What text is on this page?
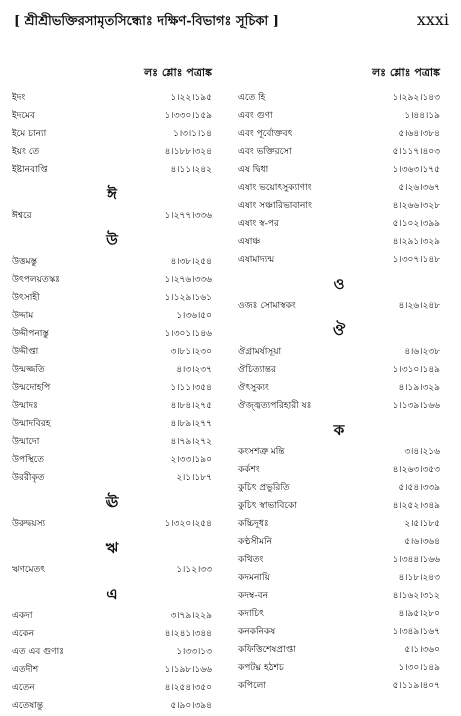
[ শ্রীশ্রীভক্তিরসামৃতসিন্ধোঃ দক্ষিণ-বিভাগঃ সূচিকা ]	xxxi
লঃ শ্লোঃ পত্রাঙ্ক
ইদং	১।২২।১৯৫
ইদমেব	১।৩৩০।১৫৯
ইমে চান্যা	১।৩।১।১৪
ইয়ং তে	৪।১৮৮।৩২৪
ইষ্টানবাপ্তি	৪।১১।২৪২
ঈ
ঈশ্বরে	১।২৭৭।৩৩৬
উ
উত্তমস্তু	৪।৩৮।২৫৪
উৎপলয়তস্কঃ	১।২৭৬।৩৩৬
উৎসাহী	১।১২৯।১৬১
উদ্দাম	১।৩৬।৫০
উদ্দীপনাস্তু	১।৩০১।১৪৬
উদ্দীপ্তা	৩।৮১।২৩০
উন্মজ্জতি	৪।৩।২৩৭
উন্মদোহপি	১।১১।৩৫৪
উন্মাদঃ	৪।৮৪।২৭৫
উন্মাদবিরহ	৪।৮৯।২৭৭
উন্মাদো	৪।৭৯।২৭২
উপস্থিতে	২।৩৩।১৯০
উররীকৃত	২।১।১৮৭
ঊ
উরুদ্বয়স্য	১।৩২০।২৫৪
ঋ
ঋণমেতৎ	১।১২।৩৩
এ
একদা	৩।৭৯।২২৯
একেন	৪।২৪১।৩৪৪
এত এব গুণাঃ	১।৩৩।১৩
এতদীশ	১।১৯৮।১৬৬
এতেন	৪।২৫৪।৩৫০
এতেষাম্তু	৫।৯০।৩৯৪
লঃ শ্লোঃ পত্রাঙ্ক
এতে হি	১।২৯২।১৪৩
এবং গুণা	১।৪৪।১৯
এবং পূর্বোক্তবৎ	৫।৬৪।৩৮৪
এবং ভক্তিরসো	৫।১১৭।৪০৩
এষ দ্বিধা	১।৩৬৩।১৭৫
এষাং ভয়োৎসুক্যাণাং	৫।২৬।৩৬৭
এষাং সঞ্চারিভাবানাং	৪।২৬৬।৩২৮
এষাং স্ব-পর	৫।১০২।৩৯৯
এষাঞ্চ	৪।২৯১।৩২৯
এষামাদ্যন্ম	১।৩০৭।১৪৮
ও
ওজঃ সোমাস্বকং	৪।২৬।২৪৮
ঔ
ঔগ্রামর্ষাসূয়া	৪।৬।২৩৮
ঔচিত্যান্তর	১।৩১০।১৪৯
ঔৎসুক্যং	৪।১৯।৩২৯
ঔজ্জ্বত্যপরিহারী ষঃ	১।১৩৯।১৬৬
ক
কংসশত্রু মন্তি	৩।৪।২১৬
কর্কশং	৪।২৬৩।৩৫৩
কুচিৎ প্রভুরিতি	৫।৫৪।৩৩৯
কুচিৎ স্বাভাবিকো	৪।২৫২।৩৪৯
কচ্চিদূধঃ	২।৫।১৮৫
কণ্ঠসীমনি	৫।৬।৩৬৪
কথিতং	১।৩৪৪।১৬৬
কদমনায়ি	৪।১৮।২৪৩
কদম্ব-বন	৪।১৬২।৩১২
কদাচিৎ	৪।৯৫।২৮০
কনকনিকষ	১।৩৪৯।১৬৭
কফিত্তিশেষপ্রাপ্তা	৫।১।৩৬০
কপটঘ্ন হঠশচ	১।৩০।১৪৯
কপিলো	৫।১১৯।৪০৭
